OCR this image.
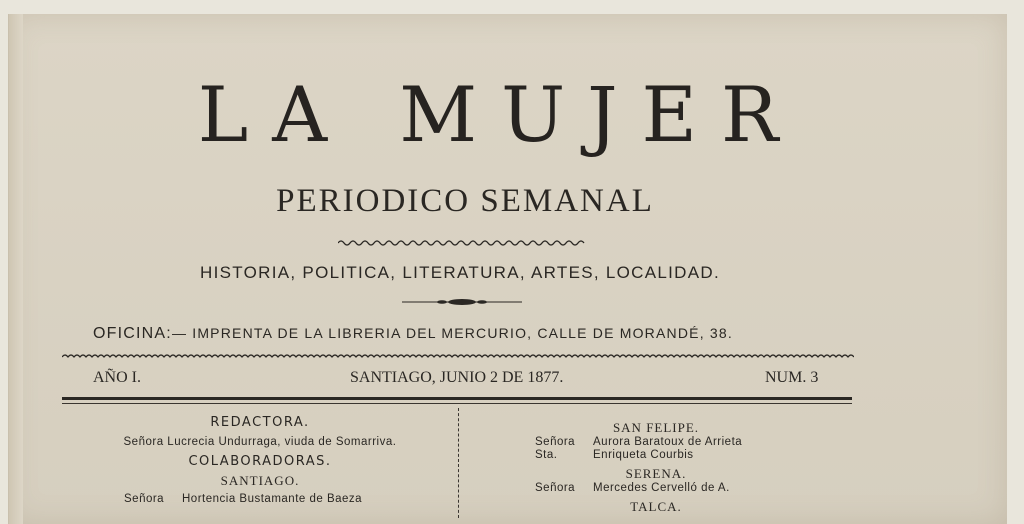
LA MUJER
PERIODICO SEMANAL
HISTORIA, POLITICA, LITERATURA, ARTES, LOCALIDAD.
OFICINA:— IMPRENTA DE LA LIBRERIA DEL MERCURIO, CALLE DE MORANDÉ, 38.
AÑO I.	SANTIAGO, JUNIO 2 DE 1877.	NUM. 3
REDACTORA.
Señora Lucrecia Undurraga, viuda de Somarriva.
COLABORADORAS.
SANTIAGO.
Señora Hortencia Bustamante de Baeza
SAN FELIPE.
Señora Aurora Baratoux de Arrieta
Sta.	Enriqueta Courbis
SERENA.
Señora Mercedes Cervelló de A.
TALCA.
